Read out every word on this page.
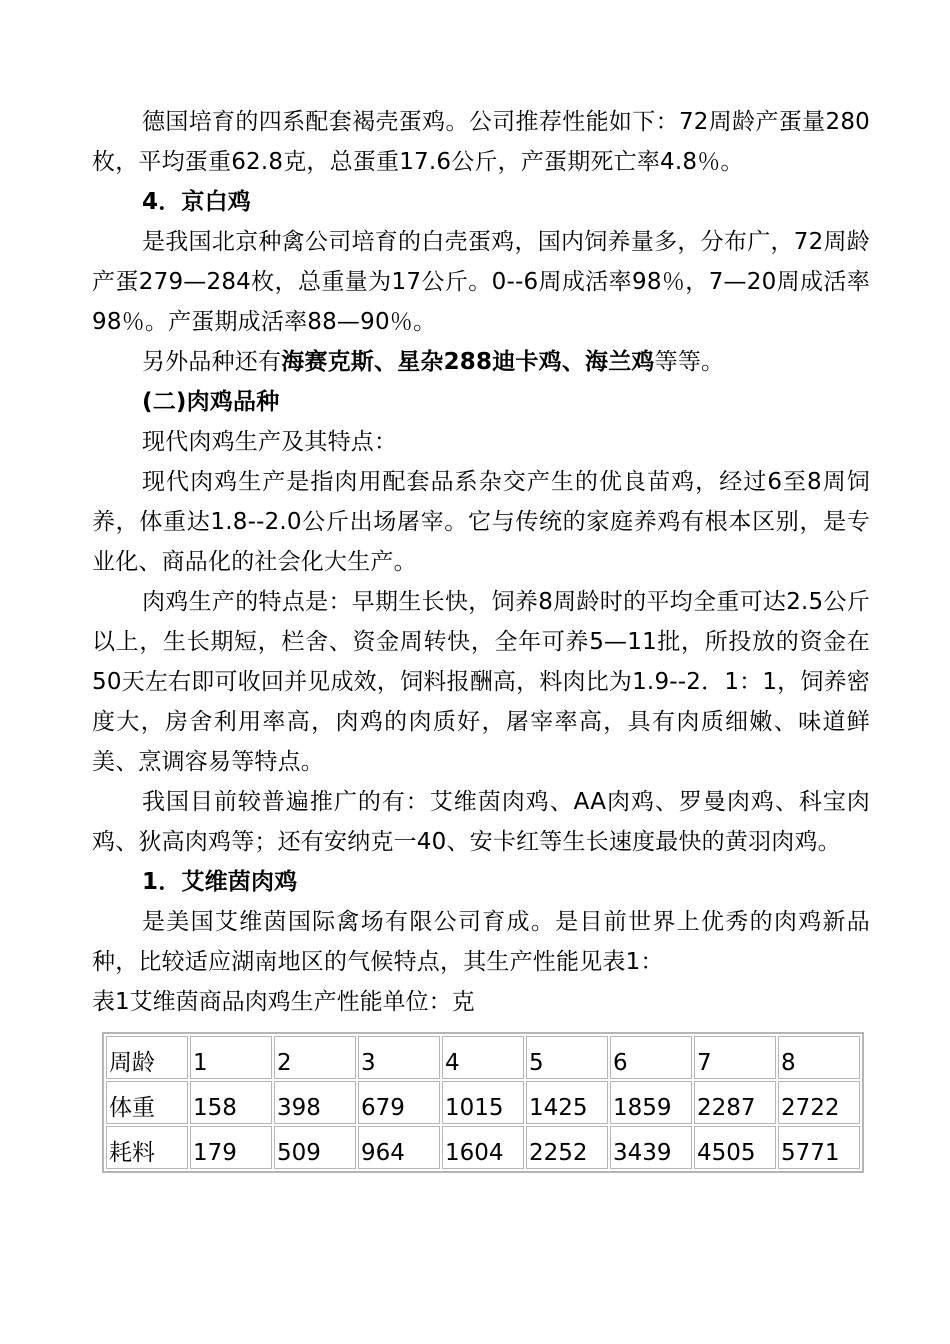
德国培育的四系配套褐壳蛋鸡。公司推荐性能如下：72周龄产蛋量280枚，平均蛋重62.8克，总蛋重17.6公斤，产蛋期死亡率4.8％。

4．京白鸡

是我国北京种禽公司培育的白壳蛋鸡，国内饲养量多，分布广，72周龄产蛋279—284枚，总重量为17公斤。0--6周成活率98％，7—20周成活率98％。产蛋期成活率88—90％。

另外品种还有海赛克斯、星杂288迪卡鸡、海兰鸡等等。

(二)肉鸡品种

现代肉鸡生产及其特点：

现代肉鸡生产是指肉用配套品系杂交产生的优良苗鸡，经过6至8周饲养，体重达1.8--2.0公斤出场屠宰。它与传统的家庭养鸡有根本区别，是专业化、商品化的社会化大生产。

肉鸡生产的特点是：早期生长快，饲养8周龄时的平均全重可达2.5公斤以上，生长期短，栏舍、资金周转快，全年可养5—11批，所投放的资金在50天左右即可收回并见成效，饲料报酬高，料肉比为1.9--2．1：1，饲养密度大，房舍利用率高，肉鸡的肉质好，屠宰率高，具有肉质细嫩、味道鲜美、烹调容易等特点。

我国目前较普遍推广的有：艾维茵肉鸡、AA肉鸡、罗曼肉鸡、科宝肉鸡、狄高肉鸡等；还有安纳克一40、安卡红等生长速度最快的黄羽肉鸡。

1．艾维茵肉鸡

是美国艾维茵国际禽场有限公司育成。是目前世界上优秀的肉鸡新品种，比较适应湖南地区的气候特点，其生产性能见表1：

表1艾维茵商品肉鸡生产性能单位：克

周龄	1	2	3	4	5	6	7	8
体重	158	398	679	1015	1425	1859	2287	2722
耗料	179	509	964	1604	2252	3439	4505	5771
